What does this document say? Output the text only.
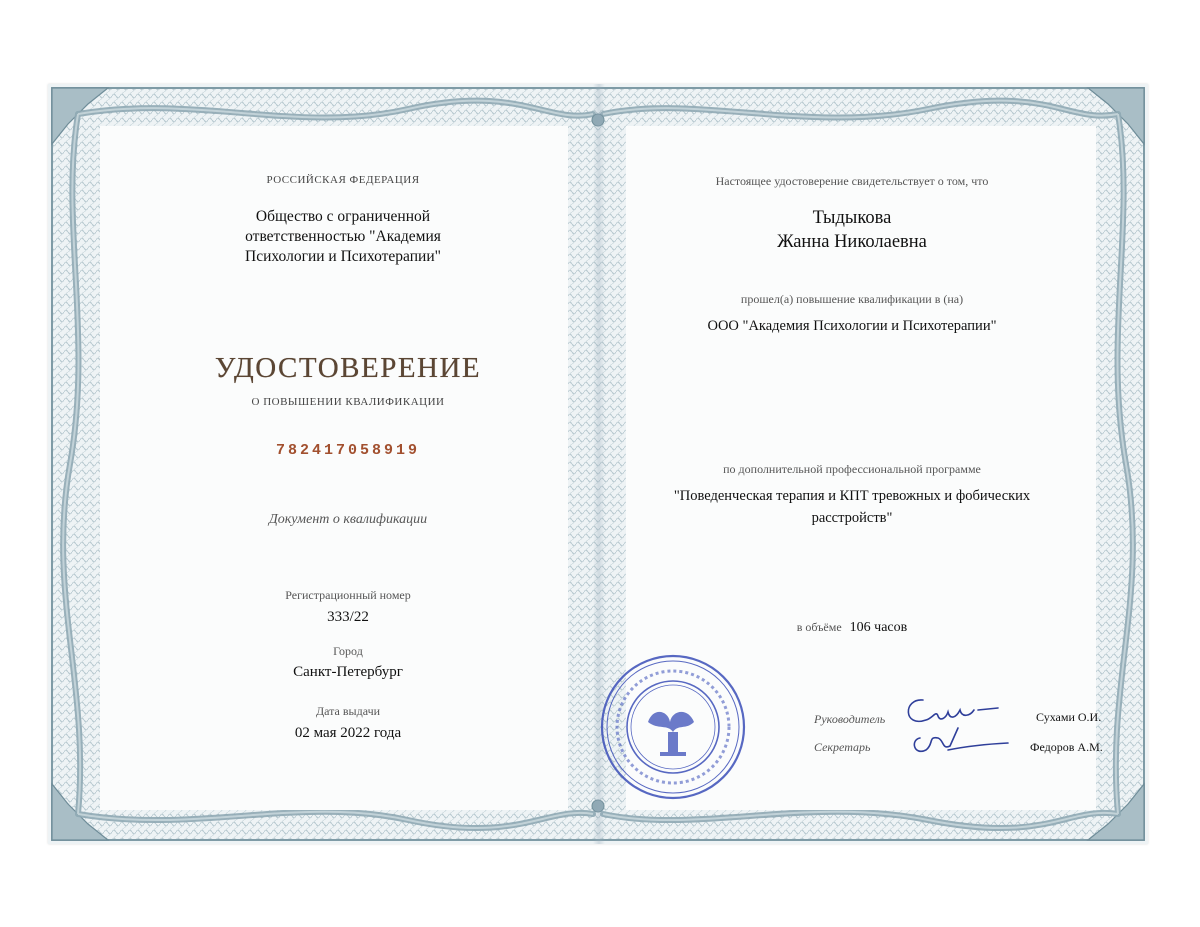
РОССИЙСКАЯ ФЕДЕРАЦИЯ
Общество с ограниченной
ответственностью "Академия
Психологии и Психотерапии"
УДОСТОВЕРЕНИЕ
О ПОВЫШЕНИИ КВАЛИФИКАЦИИ
782417058919
Документ о квалификации
Регистрационный номер
333/22
Город
Санкт-Петербург
Дата выдачи
02 мая 2022 года
Настоящее удостоверение свидетельствует о том, что
Тыдыкова
Жанна Николаевна
прошел(а) повышение квалификации в (на)
ООО "Академия Психологии и Психотерапии"
по дополнительной профессиональной программе
"Поведенческая терапия и КПТ тревожных и фобических
расстройств"
в объёме 106 часов
Руководитель
Секретарь
Сухами О.И.
Федоров А.М.
